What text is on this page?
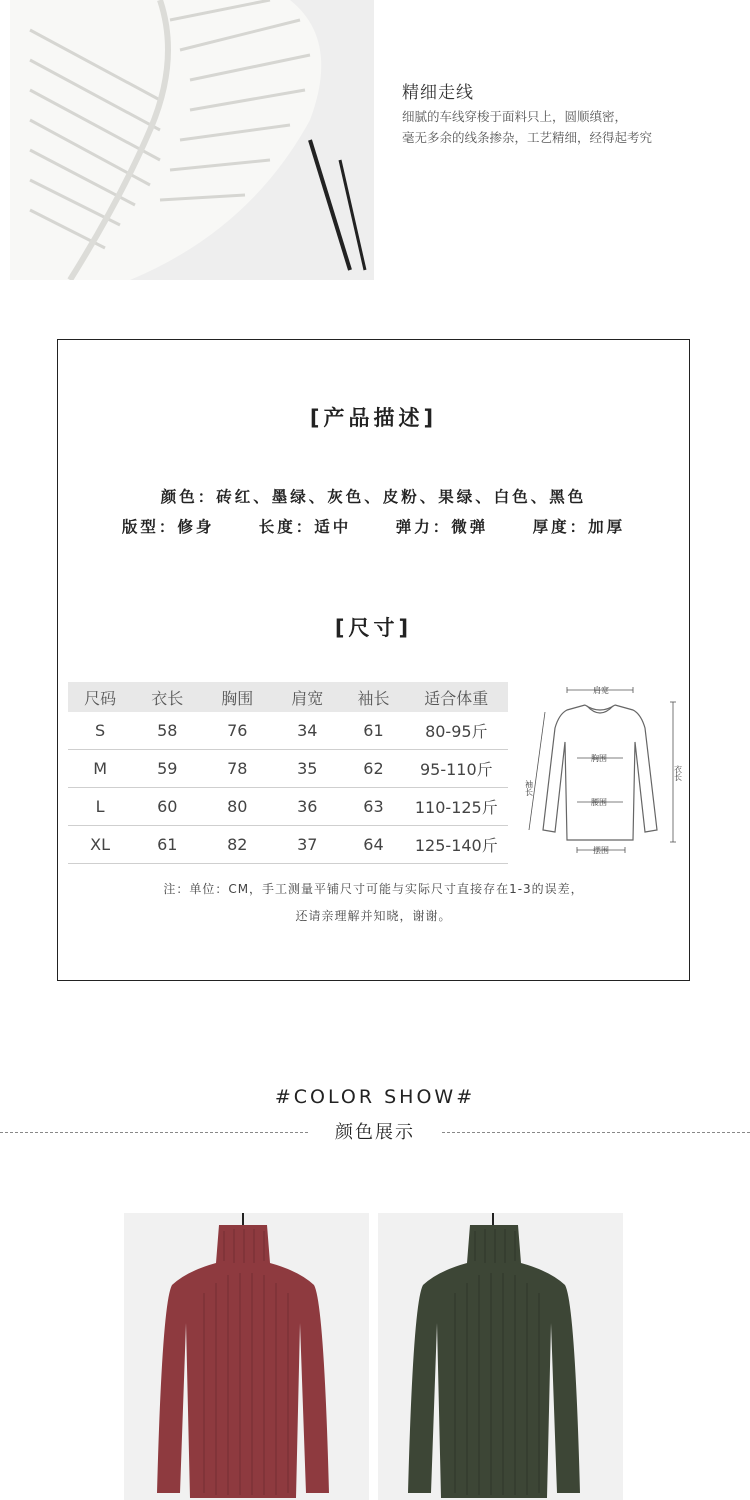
精细走线
细腻的车线穿梭于面料只上，圆顺缜密，
毫无多余的线条掺杂，工艺精细，经得起考究
[产品描述]
颜色：砖红、墨绿、灰色、皮粉、果绿、白色、黑色
版型：修身	长度：适中	弹力：微弹	厚度：加厚
[尺寸]
尺码	衣长	胸围	肩宽	袖长	适合体重
S	58	76	34	61	80-95斤
M	59	78	35	62	95-110斤
L	60	80	36	63	110-125斤
XL	61	82	37	64	125-140斤
肩宽
胸围
腰围
摆围
袖长
衣长
注：单位：CM，手工测量平铺尺寸可能与实际尺寸直接存在1-3的误差，
还请亲理解并知晓，谢谢。
#COLOR SHOW#
颜色展示
